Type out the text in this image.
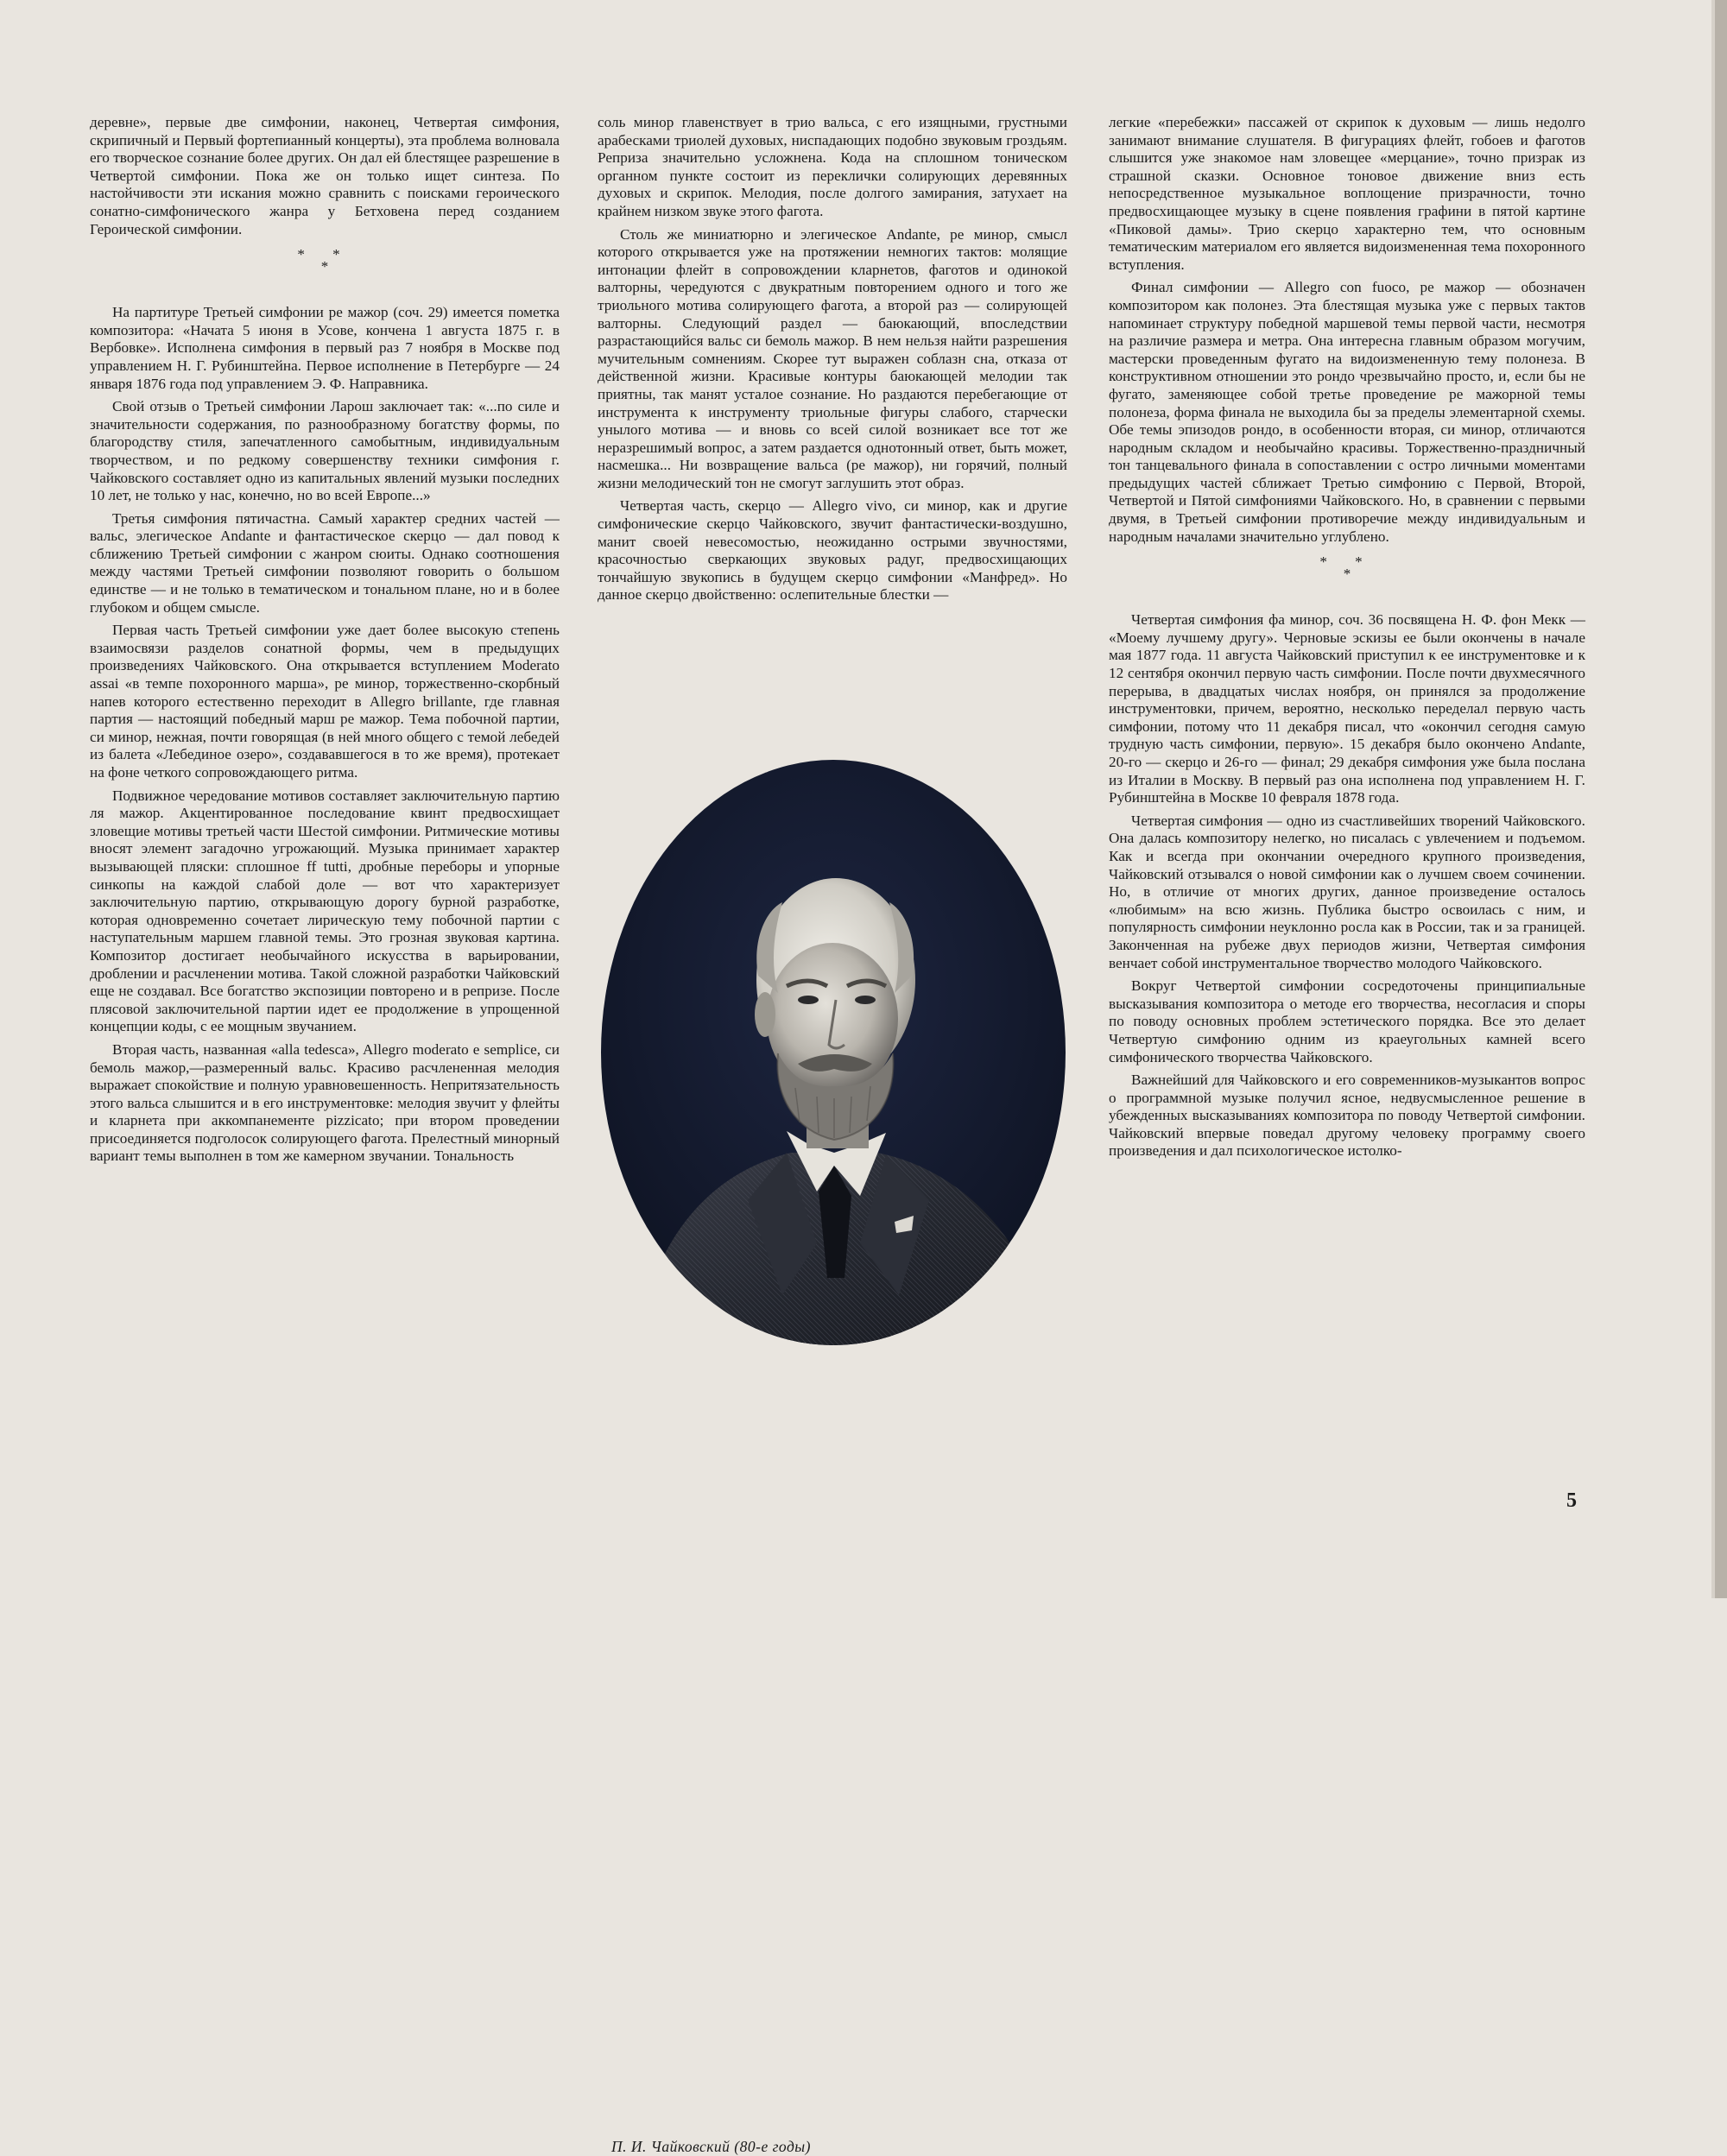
деревне», первые две симфонии, наконец, Четвертая симфония, скрипичный и Первый фортепианный концерты), эта проблема волновала его творческое сознание более других. Он дал ей блестящее разрешение в Четвертой симфонии. Пока же он только ищет синтеза. По настойчивости эти искания можно сравнить с поисками героического сонатно-симфонического жанра у Бетховена перед созданием Героической симфонии.

* *
*

На партитуре Третьей симфонии ре мажор (соч. 29) имеется пометка композитора: «Начата 5 июня в Усове, кончена 1 августа 1875 г. в Вербовке». Исполнена симфония в первый раз 7 ноября в Москве под управлением Н. Г. Рубинштейна. Первое исполнение в Петербурге — 24 января 1876 года под управлением Э. Ф. Направника.

Свой отзыв о Третьей симфонии Ларош заключает так: «...по силе и значительности содержания, по разнообразному богатству формы, по благородству стиля, запечатленного самобытным, индивидуальным творчеством, и по редкому совершенству техники симфония г. Чайковского составляет одно из капитальных явлений музыки последних 10 лет, не только у нас, конечно, но во всей Европе...»

Третья симфония пятичастна. Самый характер средних частей — вальс, элегическое Andante и фантастическое скерцо — дал повод к сближению Третьей симфонии с жанром сюиты. Однако соотношения между частями Третьей симфонии позволяют говорить о большом единстве — и не только в тематическом и тональном плане, но и в более глубоком и общем смысле.

Первая часть Третьей симфонии уже дает более высокую степень взаимосвязи разделов сонатной формы, чем в предыдущих произведениях Чайковского. Она открывается вступлением Moderato assai «в темпе похоронного марша», ре минор, торжественно-скорбный напев которого естественно переходит в Allegro brillante, где главная партия — настоящий победный марш ре мажор. Тема побочной партии, си минор, нежная, почти говорящая (в ней много общего с темой лебедей из балета «Лебединое озеро», создававшегося в то же время), протекает на фоне четкого сопровождающего ритма.

Подвижное чередование мотивов составляет заключительную партию ля мажор. Акцентированное последование квинт предвосхищает зловещие мотивы третьей части Шестой симфонии. Ритмические мотивы вносят элемент загадочно угрожающий. Музыка принимает характер вызывающей пляски: сплошное ff tutti, дробные переборы и упорные синкопы на каждой слабой доле — вот что характеризует заключительную партию, открывающую дорогу бурной разработке, которая одновременно сочетает лирическую тему побочной партии с наступательным маршем главной темы. Это грозная звуковая картина. Композитор достигает необычайного искусства в варьировании, дроблении и расчленении мотива. Такой сложной разработки Чайковский еще не создавал. Все богатство экспозиции повторено и в репризе. После плясовой заключительной партии идет ее продолжение в упрощенной концепции коды, с ее мощным звучанием.

Вторая часть, названная «alla tedesca», Allegro moderato e semplice, си бемоль мажор,—размеренный вальс. Красиво расчлененная мелодия выражает спокойствие и полную уравновешенность. Непритязательность этого вальса слышится и в его инструментовке: мелодия звучит у флейты и кларнета при аккомпанементе pizzicato; при втором проведении присоединяется подголосок солирующего фагота. Прелестный минорный вариант темы выполнен в том же камерном звучании. Тональность

соль минор главенствует в трио вальса, с его изящными, грустными арабесками триолей духовых, ниспадающих подобно звуковым гроздьям. Реприза значительно усложнена. Кода на сплошном тоническом органном пункте состоит из переклички солирующих деревянных духовых и скрипок. Мелодия, после долгого замирания, затухает на крайнем низком звуке этого фагота.

Столь же миниатюрно и элегическое Andante, ре минор, смысл которого открывается уже на протяжении немногих тактов: молящие интонации флейт в сопровождении кларнетов, фаготов и одинокой валторны, чередуются с двукратным повторением одного и того же триольного мотива солирующего фагота, а второй раз — солирующей валторны. Следующий раздел — баюкающий, впоследствии разрастающийся вальс си бемоль мажор. В нем нельзя найти разрешения мучительным сомнениям. Скорее тут выражен соблазн сна, отказа от действенной жизни. Красивые контуры баюкающей мелодии так приятны, так манят усталое сознание. Но раздаются перебегающие от инструмента к инструменту триольные фигуры слабого, старчески унылого мотива — и вновь со всей силой возникает все тот же неразрешимый вопрос, а затем раздается однотонный ответ, быть может, насмешка... Ни возвращение вальса (ре мажор), ни горячий, полный жизни мелодический тон не смогут заглушить этот образ.

Четвертая часть, скерцо — Allegro vivo, си минор, как и другие симфонические скерцо Чайковского, звучит фантастически-воздушно, манит своей невесомостью, неожиданно острыми звучностями, красочностью сверкающих звуковых радуг, предвосхищающих тончайшую звукопись в будущем скерцо симфонии «Манфред». Но данное скерцо двойственно: ослепительные блестки —

П. И. Чайковский (80-е годы)

легкие «перебежки» пассажей от скрипок к духовым — лишь недолго занимают внимание слушателя. В фигурациях флейт, гобоев и фаготов слышится уже знакомое нам зловещее «мерцание», точно призрак из страшной сказки. Основное тоновое движение вниз есть непосредственное музыкальное воплощение призрачности, точно предвосхищающее музыку в сцене появления графини в пятой картине «Пиковой дамы». Трио скерцо характерно тем, что основным тематическим материалом его является видоизмененная тема похоронного вступления.

Финал симфонии — Allegro con fuoco, ре мажор — обозначен композитором как полонез. Эта блестящая музыка уже с первых тактов напоминает структуру победной маршевой темы первой части, несмотря на различие размера и метра. Она интересна главным образом могучим, мастерски проведенным фугато на видоизмененную тему полонеза. В конструктивном отношении это рондо чрезвычайно просто, и, если бы не фугато, заменяющее собой третье проведение ре мажорной темы полонеза, форма финала не выходила бы за пределы элементарной схемы. Обе темы эпизодов рондо, в особенности вторая, си минор, отличаются народным складом и необычайно красивы. Торжественно-праздничный тон танцевального финала в сопоставлении с остро личными моментами предыдущих частей сближает Третью симфонию с Первой, Второй, Четвертой и Пятой симфониями Чайковского. Но, в сравнении с первыми двумя, в Третьей симфонии противоречие между индивидуальным и народным началами значительно углублено.

* *
*

Четвертая симфония фа минор, соч. 36 посвящена Н. Ф. фон Мекк — «Моему лучшему другу». Черновые эскизы ее были окончены в начале мая 1877 года. 11 августа Чайковский приступил к ее инструментовке и к 12 сентября окончил первую часть симфонии. После почти двухмесячного перерыва, в двадцатых числах ноября, он принялся за продолжение инструментовки, причем, вероятно, несколько переделал первую часть симфонии, потому что 11 декабря писал, что «окончил сегодня самую трудную часть симфонии, первую». 15 декабря было окончено Andante, 20-го — скерцо и 26-го — финал; 29 декабря симфония уже была послана из Италии в Москву. В первый раз она исполнена под управлением Н. Г. Рубинштейна в Москве 10 февраля 1878 года.

Четвертая симфония — одно из счастливейших творений Чайковского. Она далась композитору нелегко, но писалась с увлечением и подъемом. Как и всегда при окончании очередного крупного произведения, Чайковский отзывался о новой симфонии как о лучшем своем сочинении. Но, в отличие от многих других, данное произведение осталось «любимым» на всю жизнь. Публика быстро освоилась с ним, и популярность симфонии неуклонно росла как в России, так и за границей. Законченная на рубеже двух периодов жизни, Четвертая симфония венчает собой инструментальное творчество молодого Чайковского.

Вокруг Четвертой симфонии сосредоточены принципиальные высказывания композитора о методе его творчества, несогласия и споры по поводу основных проблем эстетического порядка. Все это делает Четвертую симфонию одним из краеугольных камней всего симфонического творчества Чайковского.

Важнейший для Чайковского и его современников-музыкантов вопрос о программной музыке получил ясное, недвусмысленное решение в убежденных высказываниях композитора по поводу Четвертой симфонии. Чайковский впервые поведал другому человеку программу своего произведения и дал психологическое истолко-

5
